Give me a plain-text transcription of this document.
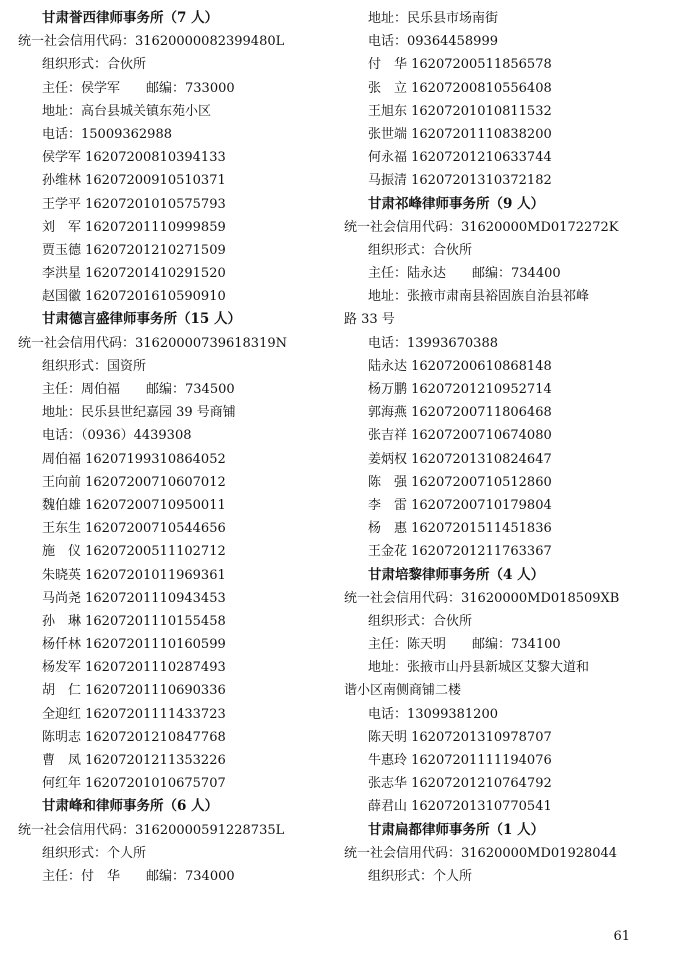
甘肃誉西律师事务所（7 人）
统一社会信用代码：31620000082399480L
组织形式：合伙所
主任：侯学军　　邮编：733000
地址：高台县城关镇东苑小区
电话：15009362988
侯学军 16207200810394133
孙维林 16207200910510371
王学平 16207201010575793
刘　军 16207201110999859
贾玉德 16207201210271509
李洪星 16207201410291520
赵国徽 16207201610590910
甘肃德言盛律师事务所（15 人）
统一社会信用代码：31620000739618319N
组织形式：国资所
主任：周伯福　　邮编：734500
地址：民乐县世纪嘉园 39 号商铺
电话：（0936）4439308
周伯福 16207199310864052
王向前 16207200710607012
魏伯雄 16207200710950011
王东生 16207200710544656
施　仪 16207200511102712
朱晓英 16207201011969361
马尚尧 16207201110943453
孙　琳 16207201110155458
杨仟林 16207201110160599
杨发军 16207201110287493
胡　仁 16207201110690336
全迎红 16207201111433723
陈明志 16207201210847768
曹　凤 16207201211353226
何红年 16207201010675707
甘肃峰和律师事务所（6 人）
统一社会信用代码：31620000591228735L
组织形式：个人所
主任：付　华　　邮编：734000
地址：民乐县市场南街
电话：09364458999
付　华 16207200511856578
张　立 16207200810556408
王旭东 16207201010811532
张世端 16207201110838200
何永福 16207201210633744
马振清 16207201310372182
甘肃祁峰律师事务所（9 人）
统一社会信用代码：31620000MD0172272K
组织形式：合伙所
主任：陆永达　　邮编：734400
地址：张掖市肃南县裕固族自治县祁峰
路 33 号
电话：13993670388
陆永达 16207200610868148
杨万鹏 16207201210952714
郭海燕 16207200711806468
张吉祥 16207200710674080
姜炳权 16207201310824647
陈　强 16207200710512860
李　雷 16207200710179804
杨　惠 16207201511451836
王金花 16207201211763367
甘肃培黎律师事务所（4 人）
统一社会信用代码：31620000MD018509XB
组织形式：合伙所
主任：陈天明　　邮编：734100
地址：张掖市山丹县新城区艾黎大道和
谐小区南侧商铺二楼
电话：13099381200
陈天明 16207201310978707
牛惠玲 16207201111194076
张志华 16207201210764792
薛君山 16207201310770541
甘肃扁都律师事务所（1 人）
统一社会信用代码：31620000MD01928044
组织形式：个人所
61
